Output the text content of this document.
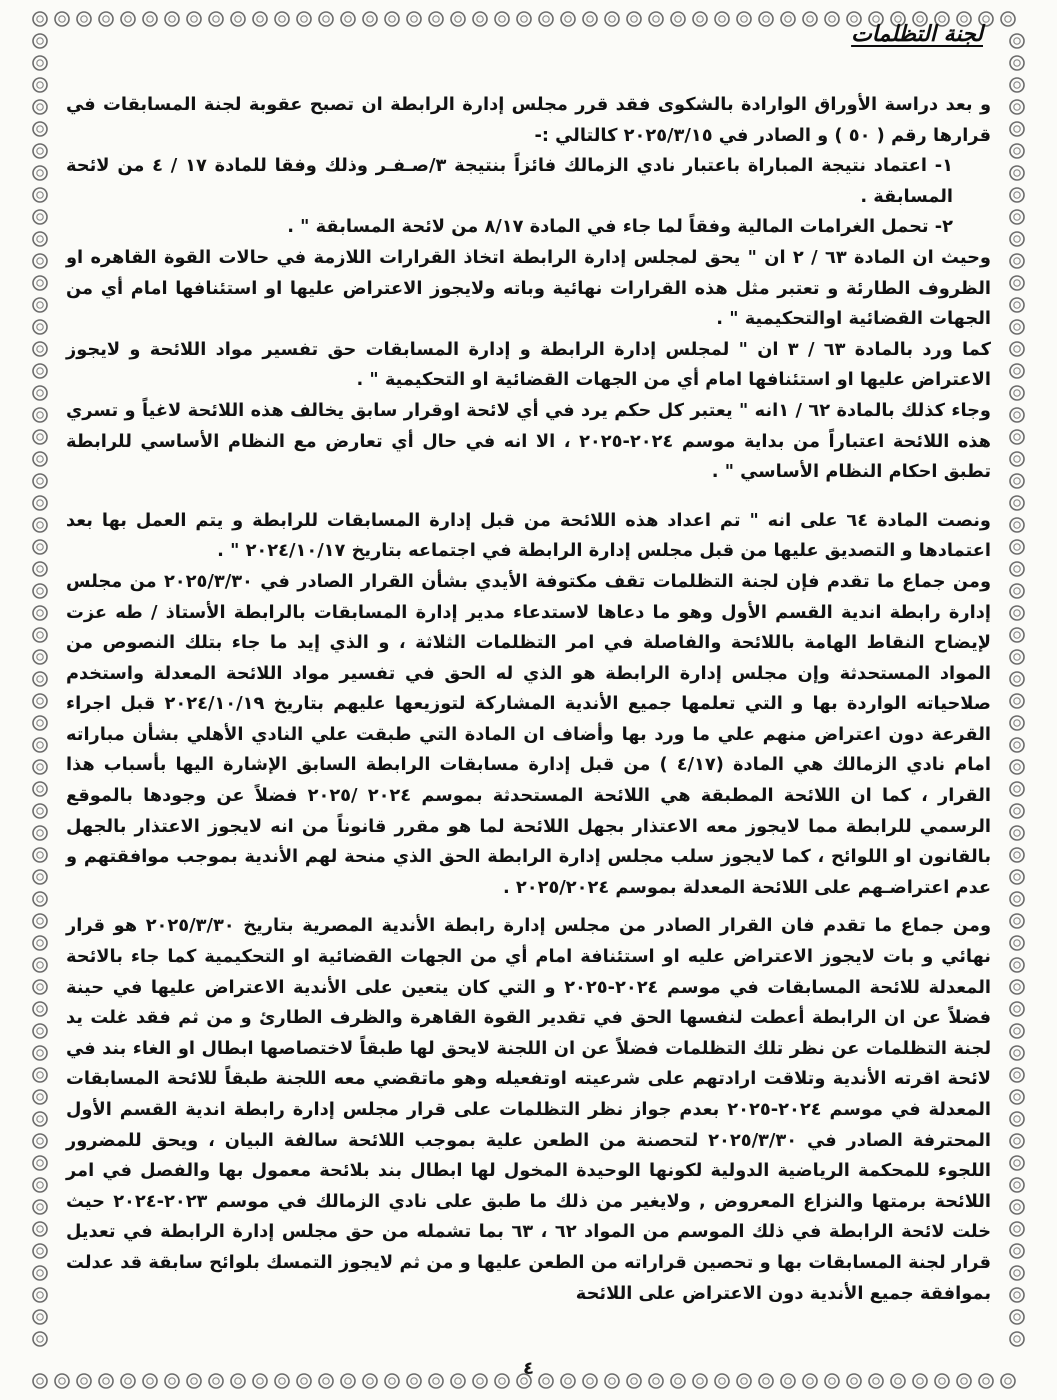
لجنة التظلمات

و بعد دراسة الأوراق الوارادة بالشكوى فقد قرر مجلس إدارة الرابطة ان تصبح عقوبة لجنة المسابقات في قرارها رقم ( ٥٠ ) و الصادر في ٢٠٢٥/٣/١٥ كالتالي :-

١- اعتماد نتيجة المباراة باعتبار نادي الزمالك فائزاً بنتيجة ٣/صـفـر وذلك وفقا للمادة ١٧ / ٤ من لائحة المسابقة .

٢- تحمل الغرامات المالية وفقاً لما جاء في المادة ٨/١٧ من لائحة المسابقة " .

وحيث ان المادة ٦٣ / ٢ ان " يحق لمجلس إدارة الرابطة اتخاذ القرارات اللازمة في حالات القوة القاهره او الظروف الطارئة و تعتبر مثل هذه القرارات نهائية وباته ولايجوز الاعتراض عليها او استئنافها امام أي من الجهات القضائية اوالتحكيمية " .

كما ورد بالمادة ٦٣ / ٣ ان " لمجلس إدارة الرابطة و إدارة المسابقات حق تفسير مواد اللائحة و لايجوز الاعتراض عليها او استئنافها امام أي من الجهات القضائية او التحكيمية " .

وجاء كذلك بالمادة ٦٢ / ١انه " يعتبر كل حكم يرد في أي لائحة اوقرار سابق يخالف هذه اللائحة لاغياً و تسري هذه اللائحة اعتباراً من بداية موسم ٢٠٢٤-٢٠٢٥ ، الا انه في حال أي تعارض مع النظام الأساسي للرابطة تطبق احكام النظام الأساسي " .

ونصت المادة ٦٤ على انه " تم اعداد هذه اللائحة من قبل إدارة المسابقات للرابطة و يتم العمل بها بعد اعتمادها و التصديق عليها من قبل مجلس إدارة الرابطة في اجتماعه بتاريخ ٢٠٢٤/١٠/١٧ " .

ومن جماع ما تقدم فإن لجنة التظلمات تقف مكتوفة الأيدي بشأن القرار الصادر في ٢٠٢٥/٣/٣٠ من مجلس إدارة رابطة اندية القسم الأول وهو ما دعاها لاستدعاء مدير إدارة المسابقات بالرابطة الأستاذ / طه عزت لإيضاح النقاط الهامة باللائحة والفاصلة في امر التظلمات الثلاثة ، و الذي إيد ما جاء بتلك النصوص من المواد المستحدثة وإن مجلس إدارة الرابطة هو الذي له الحق في تفسير مواد اللائحة المعدلة واستخدم صلاحياته الواردة بها و التي تعلمها جميع الأندية المشاركة لتوزيعها عليهم بتاريخ ٢٠٢٤/١٠/١٩ قبل اجراء القرعة دون اعتراض منهم علي ما ورد بها وأضاف ان المادة التي طبقت علي النادي الأهلي بشأن مباراته امام نادي الزمالك هي المادة (٤/١٧ ) من قبل إدارة مسابقات الرابطة السابق الإشارة اليها بأسباب هذا القرار ، كما ان اللائحة المطبقة هي اللائحة المستحدثة بموسم ٢٠٢٤ /٢٠٢٥ فضلاً عن وجودها بالموقع الرسمي للرابطة مما لايجوز معه الاعتذار بجهل اللائحة لما هو مقرر قانوناً من انه لايجوز الاعتذار بالجهل بالقانون او اللوائح ، كما لايجوز سلب مجلس إدارة الرابطة الحق الذي منحة لهم الأندية بموجب موافقتهم و عدم اعتراضـهم على اللائحة المعدلة بموسم ٢٠٢٥/٢٠٢٤ .

ومن جماع ما تقدم فان القرار الصادر من مجلس إدارة رابطة الأندية المصرية بتاريخ ٢٠٢٥/٣/٣٠ هو قرار نهائي و بات لايجوز الاعتراض عليه او استئنافة امام أي من الجهات القضائية او التحكيمية كما جاء بالائحة المعدلة للائحة المسابقات في موسم ٢٠٢٤-٢٠٢٥ و التي كان يتعين على الأندية الاعتراض عليها في حينة فضلاً عن ان الرابطة أعطت لنفسها الحق في تقدير القوة القاهرة والظرف الطارئ و من ثم فقد غلت يد لجنة التظلمات عن نظر تلك التظلمات فضلاً عن ان اللجنة لايحق لها طبقاً لاختصاصها ابطال او الغاء بند في لائحة اقرته الأندية وتلاقت ارادتهم على شرعيته اوتفعيله وهو ماتقضي معه اللجنة طبقاً للائحة المسابقات المعدلة في موسم ٢٠٢٤-٢٠٢٥ بعدم جواز نظر التظلمات على قرار مجلس إدارة رابطة اندية القسم الأول المحترفة الصادر في ٢٠٢٥/٣/٣٠ لتحصنة من الطعن علية بموجب اللائحة سالفة البيان ، ويحق للمضرور اللجوء للمحكمة الرياضية الدولية لكونها الوحيدة المخول لها ابطال بند بلائحة معمول بها والفصل في امر اللائحة برمتها والنزاع المعروض , ولايغير من ذلك ما طبق على نادي الزمالك في موسم ٢٠٢٣-٢٠٢٤ حيث خلت لائحة الرابطة في ذلك الموسم من المواد ٦٢ ، ٦٣ بما تشمله من حق مجلس إدارة الرابطة في تعديل قرار لجنة المسابقات بها و تحصين قراراته من الطعن عليها و من ثم لايجوز التمسك بلوائح سابقة قد عدلت بموافقة جميع الأندية دون الاعتراض على اللائحة

٤
